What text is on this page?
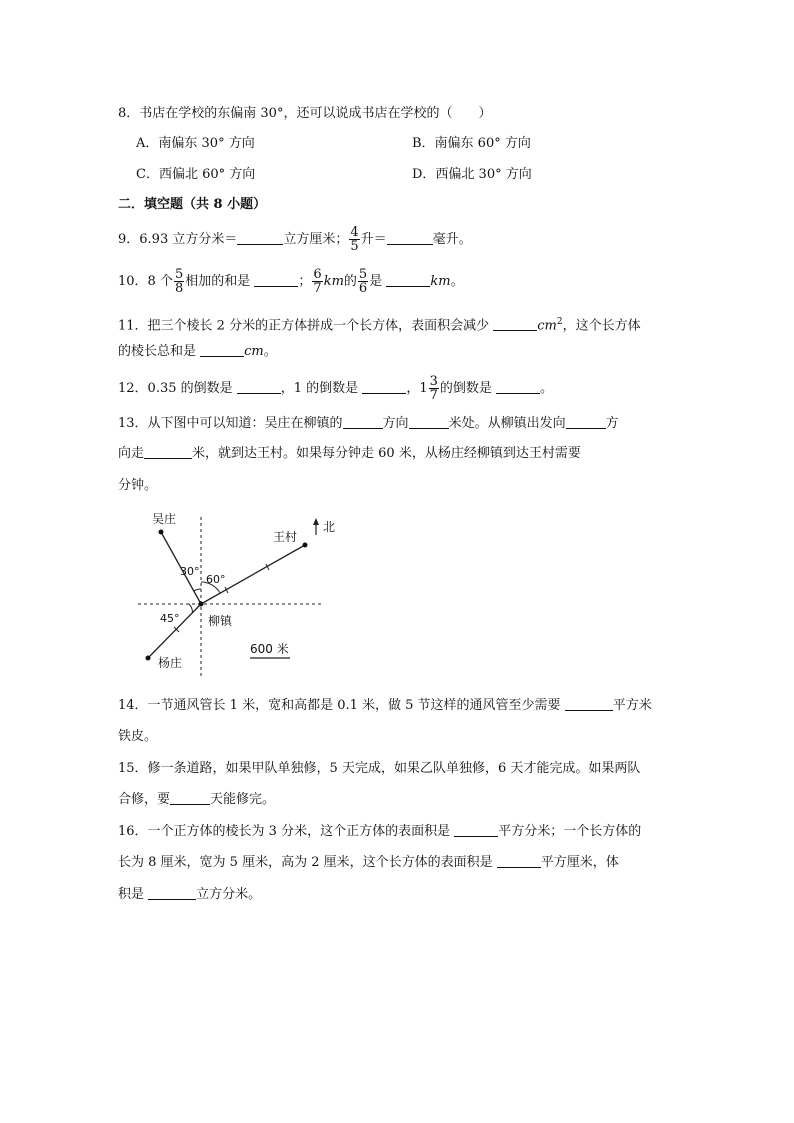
8．书店在学校的东偏南 30°，还可以说成书店在学校的（　　）
A．南偏东 30° 方向	B．南偏东 60° 方向
C．西偏北 60° 方向	D．西偏北 30° 方向
二．填空题（共 8 小题）
9．6.93 立方分米＝	立方厘米； $\frac{4}{5}$ 升＝	毫升。
10．8 个 $\frac{5}{8}$ 相加的和是	； $\frac{6}{7}$ km的 $\frac{5}{6}$ 是	km。
11．把三个棱长 2 分米的正方体拼成一个长方体，表面积会减少	$cm^2$，这个长方体
的棱长总和是	cm。
12．0.35 的倒数是	，1 的倒数是	，$1 \frac{3}{7}$ 的倒数是	。
13．从下图中可以知道：吴庄在柳镇的	方向	米处。从柳镇出发向	方
向走	米，就到达王村。如果每分钟走 60 米，从杨庄经柳镇到达王村需要
分钟。
吴庄
王村
北
30°
60°
45° 柳镇
杨庄
600 米
14．一节通风管长 1 米，宽和高都是 0.1 米，做 5 节这样的通风管至少需要	平方米
铁皮。
15．修一条道路，如果甲队单独修，5 天完成，如果乙队单独修，6 天才能完成。如果两队
合修，要	天能修完。
16．一个正方体的棱长为 3 分米，这个正方体的表面积是	平方分米；一个长方体的
长为 8 厘米，宽为 5 厘米，高为 2 厘米，这个长方体的表面积是	平方厘米，体
积是	立方分米。
